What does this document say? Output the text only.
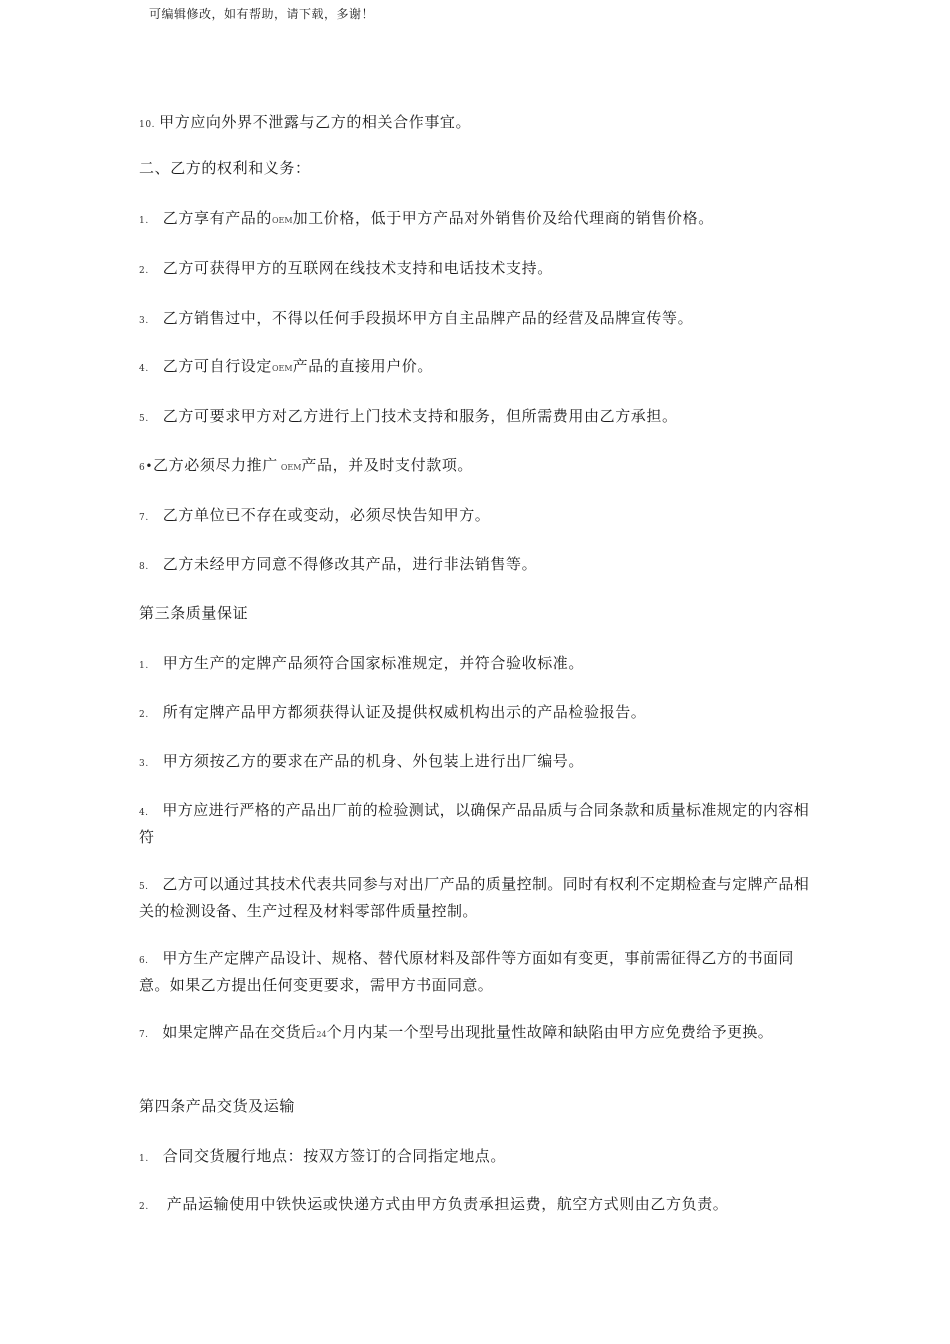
可编辑修改，如有帮助，请下载，多谢！
10. 甲方应向外界不泄露与乙方的相关合作事宜。
二、乙方的权利和义务：
1. 乙方享有产品的OEM加工价格，低于甲方产品对外销售价及给代理商的销售价格。
2. 乙方可获得甲方的互联网在线技术支持和电话技术支持。
3. 乙方销售过中，不得以任何手段损坏甲方自主品牌产品的经营及品牌宣传等。
4. 乙方可自行设定OEM产品的直接用户价。
5. 乙方可要求甲方对乙方进行上门技术支持和服务，但所需费用由乙方承担。
6•乙方必须尽力推广 OEM产品，并及时支付款项。
7. 乙方单位已不存在或变动，必须尽快告知甲方。
8. 乙方未经甲方同意不得修改其产品，进行非法销售等。
第三条质量保证
1. 甲方生产的定牌产品须符合国家标准规定，并符合验收标准。
2. 所有定牌产品甲方都须获得认证及提供权威机构出示的产品检验报告。
3. 甲方须按乙方的要求在产品的机身、外包装上进行出厂编号。
4. 甲方应进行严格的产品出厂前的检验测试，以确保产品品质与合同条款和质量标准规定的内容相符
5. 乙方可以通过其技术代表共同参与对出厂产品的质量控制。同时有权利不定期检查与定牌产品相关的检测设备、生产过程及材料零部件质量控制。
6. 甲方生产定牌产品设计、规格、替代原材料及部件等方面如有变更，事前需征得乙方的书面同意。如果乙方提出任何变更要求，需甲方书面同意。
7. 如果定牌产品在交货后24个月内某一个型号出现批量性故障和缺陷由甲方应免费给予更换。
第四条产品交货及运输
1. 合同交货履行地点：按双方签订的合同指定地点。
2. 产品运输使用中铁快运或快递方式由甲方负责承担运费，航空方式则由乙方负责。
